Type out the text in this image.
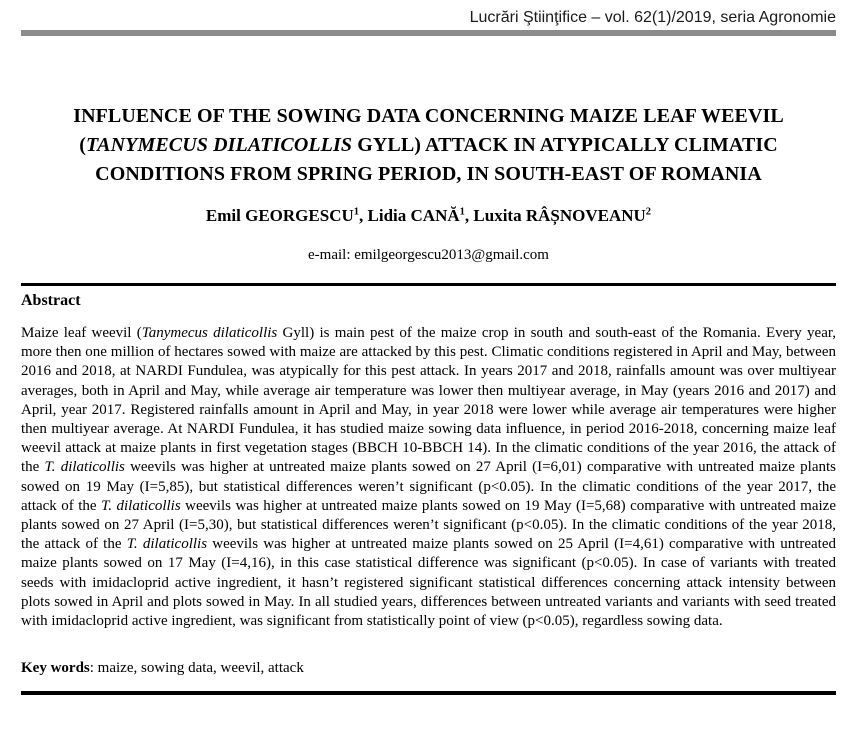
Lucrări Ştiinţifice – vol. 62(1)/2019, seria Agronomie
INFLUENCE OF THE SOWING DATA CONCERNING MAIZE LEAF WEEVIL
(TANYMECUS DILATICOLLIS GYLL) ATTACK IN ATYPICALLY CLIMATIC
CONDITIONS FROM SPRING PERIOD, IN SOUTH-EAST OF ROMANIA
Emil GEORGESCU$^1$, Lidia CANĂ$^1$, Luxita RÂȘNOVEANU$^2$
e-mail: emilgeorgescu2013@gmail.com
Abstract
Maize leaf weevil (Tanymecus dilaticollis Gyll) is main pest of the maize crop in south and south-east of the Romania. Every year, more then one million of hectares sowed with maize are attacked by this pest. Climatic conditions registered in April and May, between 2016 and 2018, at NARDI Fundulea, was atypically for this pest attack. In years 2017 and 2018, rainfalls amount was over multiyear averages, both in April and May, while average air temperature was lower then multiyear average, in May (years 2016 and 2017) and April, year 2017. Registered rainfalls amount in April and May, in year 2018 were lower while average air temperatures were higher then multiyear average. At NARDI Fundulea, it has studied maize sowing data influence, in period 2016-2018, concerning maize leaf weevil attack at maize plants in first vegetation stages (BBCH 10-BBCH 14). In the climatic conditions of the year 2016, the attack of the T. dilaticollis weevils was higher at untreated maize plants sowed on 27 April (I=6,01) comparative with untreated maize plants sowed on 19 May (I=5,85), but statistical differences weren’t significant (p<0.05). In the climatic conditions of the year 2017, the attack of the T. dilaticollis weevils was higher at untreated maize plants sowed on 19 May (I=5,68) comparative with untreated maize plants sowed on 27 April (I=5,30), but statistical differences weren’t significant (p<0.05). In the climatic conditions of the year 2018, the attack of the T. dilaticollis weevils was higher at untreated maize plants sowed on 25 April (I=4,61) comparative with untreated maize plants sowed on 17 May (I=4,16), in this case statistical difference was significant (p<0.05). In case of variants with treated seeds with imidacloprid active ingredient, it hasn’t registered significant statistical differences concerning attack intensity between plots sowed in April and plots sowed in May. In all studied years, differences between untreated variants and variants with seed treated with imidacloprid active ingredient, was significant from statistically point of view (p<0.05), regardless sowing data.
Key words: maize, sowing data, weevil, attack
